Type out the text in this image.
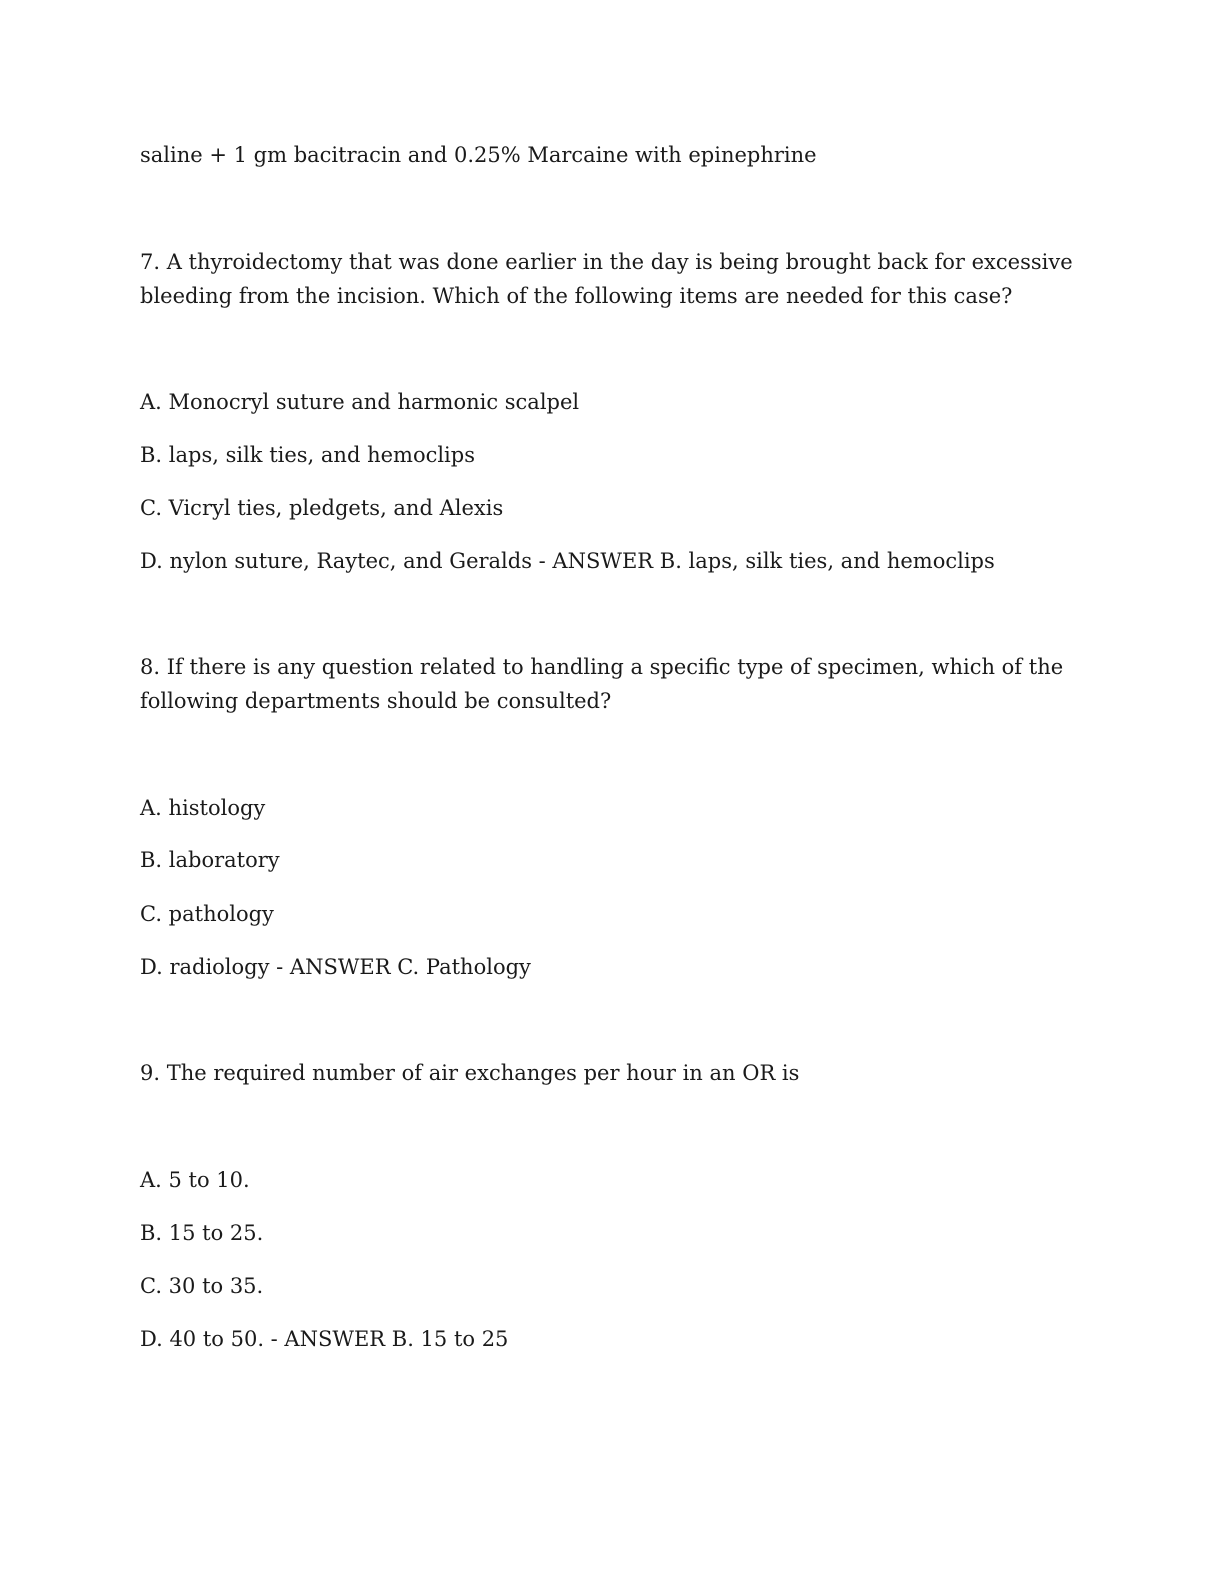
saline + 1 gm bacitracin and 0.25% Marcaine with epinephrine
7. A thyroidectomy that was done earlier in the day is being brought back for excessive
bleeding from the incision. Which of the following items are needed for this case?
A. Monocryl suture and harmonic scalpel
B. laps, silk ties, and hemoclips
C. Vicryl ties, pledgets, and Alexis
D. nylon suture, Raytec, and Geralds - ANSWER B. laps, silk ties, and hemoclips
8. If there is any question related to handling a specific type of specimen, which of the
following departments should be consulted?
A. histology
B. laboratory
C. pathology
D. radiology - ANSWER C. Pathology
9. The required number of air exchanges per hour in an OR is
A. 5 to 10.
B. 15 to 25.
C. 30 to 35.
D. 40 to 50. - ANSWER B. 15 to 25
